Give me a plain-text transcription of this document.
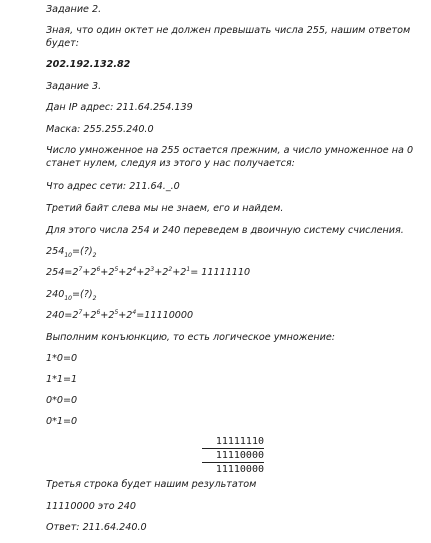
Задание 2.
Зная, что один октет не должен превышать числа 255, нашим ответом будет:
202.192.132.82
Задание 3.
Дан IP адрес: 211.64.254.139
Маска: 255.255.240.0
Число умноженное на 255 остается прежним, а число умноженное на 0 станет нулем, следуя из этого у нас получается:
Что адрес сети: 211.64._.0
Третий байт слева мы не знаем, его и найдем.
Для этого числа 254 и 240 переведем в двоичную систему счисления.
$254_{10}=(?)_2$
$254=2^7+2^6+2^5+2^4+2^3+2^2+2^1= 11111110$
$240_{10}=(?)_2$
$240=2^7+2^6+2^5+2^4=11110000$
Выполним конъюнкцию, то есть логическое умножение:
1*0=0
1*1=1
0*0=0
0*1=0
11111110
11110000
11110000
Третья строка будет нашим результатом
11110000 это 240
Ответ: 211.64.240.0
